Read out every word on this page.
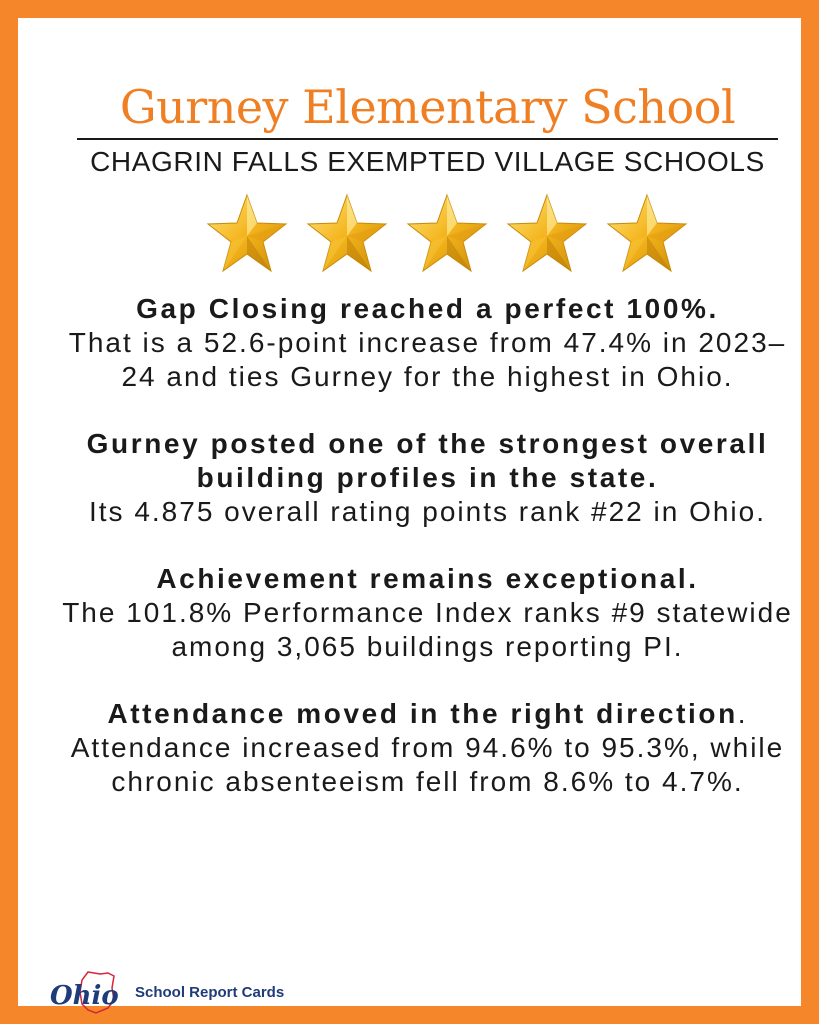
Gurney Elementary School
CHAGRIN FALLS EXEMPTED VILLAGE SCHOOLS
Gap Closing reached a perfect 100%.
That is a 52.6-point increase from 47.4% in 2023–24 and ties Gurney for the highest in Ohio.
Gurney posted one of the strongest overall building profiles in the state.
Its 4.875 overall rating points rank #22 in Ohio.
Achievement remains exceptional.
The 101.8% Performance Index ranks #9 statewide among 3,065 buildings reporting PI.
Attendance moved in the right direction.
Attendance increased from 94.6% to 95.3%, while chronic absenteeism fell from 8.6% to 4.7%.
Ohio School Report Cards
